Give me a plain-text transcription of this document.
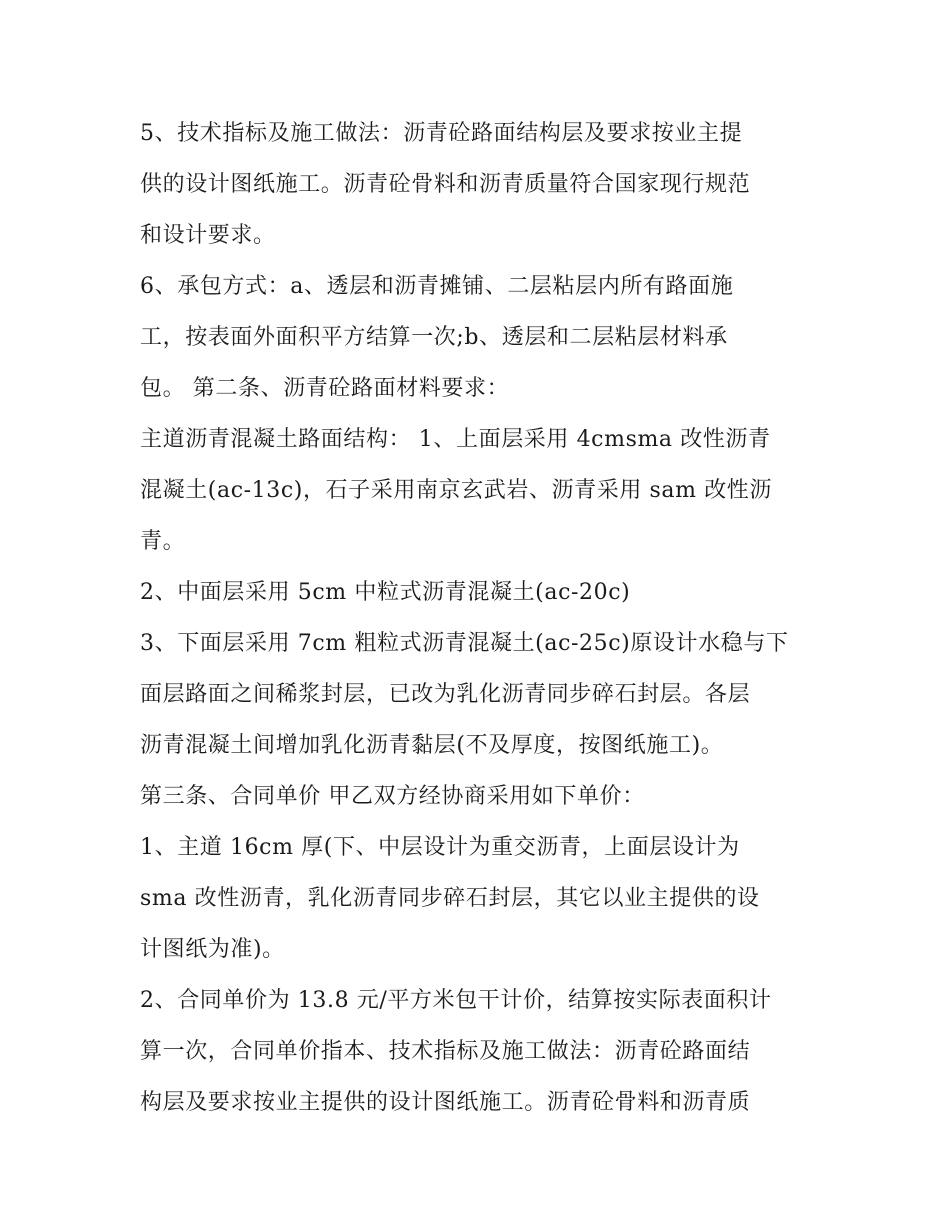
5、技术指标及施工做法：沥青砼路面结构层及要求按业主提
供的设计图纸施工。沥青砼骨料和沥青质量符合国家现行规范
和设计要求。
6、承包方式：a、透层和沥青摊铺、二层粘层内所有路面施
工，按表面外面积平方结算一次;b、透层和二层粘层材料承
包。 第二条、沥青砼路面材料要求：
主道沥青混凝土路面结构： 1、上面层采用 4cmsma 改性沥青
混凝土(ac-13c)，石子采用南京玄武岩、沥青采用 sam 改性沥
青。
2、中面层采用 5cm 中粒式沥青混凝土(ac-20c)
3、下面层采用 7cm 粗粒式沥青混凝土(ac-25c)原设计水稳与下
面层路面之间稀浆封层，已改为乳化沥青同步碎石封层。各层
沥青混凝土间增加乳化沥青黏层(不及厚度，按图纸施工)。
第三条、合同单价 甲乙双方经协商采用如下单价：
1、主道 16cm 厚(下、中层设计为重交沥青，上面层设计为
sma 改性沥青，乳化沥青同步碎石封层，其它以业主提供的设
计图纸为准)。
2、合同单价为 13.8 元/平方米包干计价，结算按实际表面积计
算一次，合同单价指本、技术指标及施工做法：沥青砼路面结
构层及要求按业主提供的设计图纸施工。沥青砼骨料和沥青质
